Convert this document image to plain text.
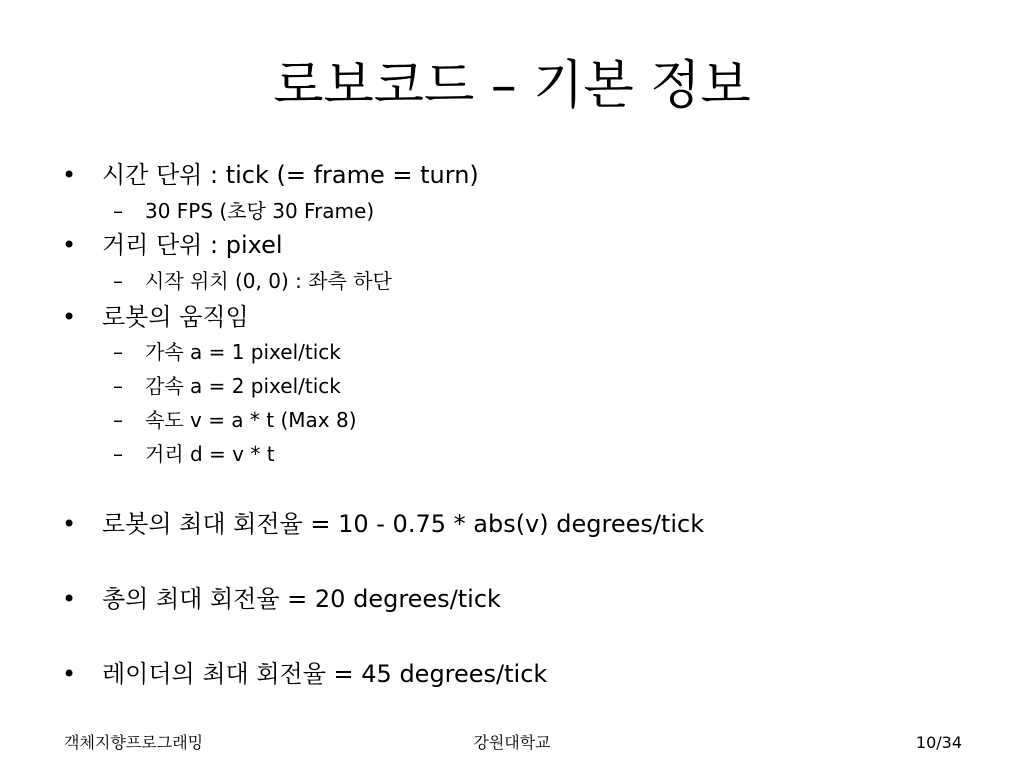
로보코드 – 기본 정보
• 시간 단위 : tick (= frame = turn)
– 30 FPS (초당 30 Frame)
• 거리 단위 : pixel
– 시작 위치 (0, 0) : 좌측 하단
• 로봇의 움직임
– 가속 a = 1 pixel/tick
– 감속 a = 2 pixel/tick
– 속도 v = a * t (Max 8)
– 거리 d = v * t
• 로봇의 최대 회전율 = 10 - 0.75 * abs(v) degrees/tick
• 총의 최대 회전율 = 20 degrees/tick
• 레이더의 최대 회전율 = 45 degrees/tick
객체지향프로그래밍	강원대학교	10/34
